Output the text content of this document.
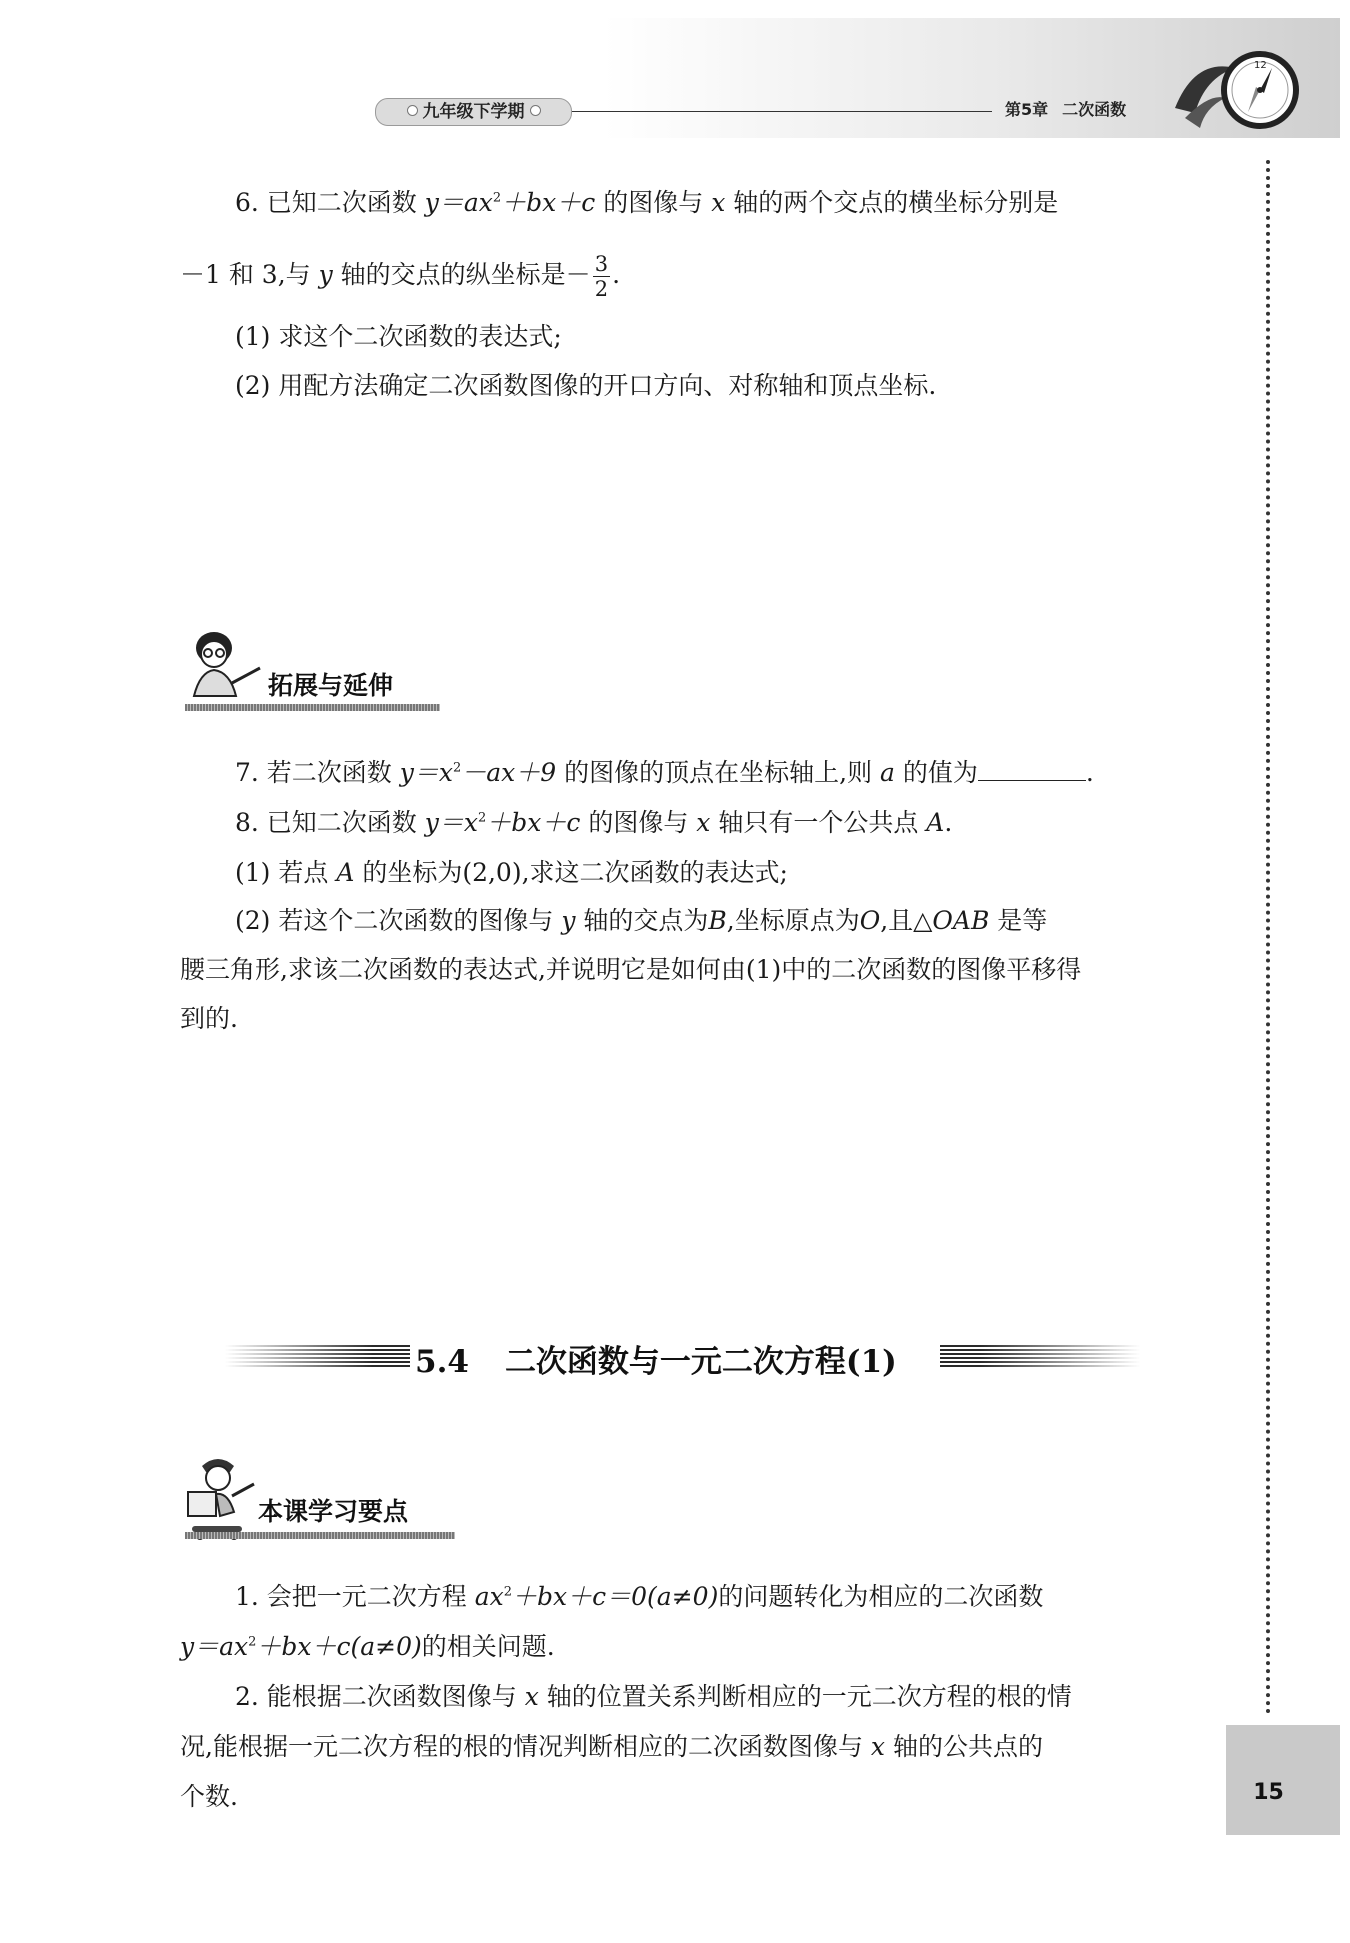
九年级下学期	第5章 二次函数
12
15
6. 已知二次函数 $y=ax^2+bx+c$ 的图像与 x 轴的两个交点的横坐标分别是
－1 和 3,与 y 轴的交点的纵坐标是－ $\frac{3}{2}$ .
(1) 求这个二次函数的表达式;
(2) 用配方法确定二次函数图像的开口方向、对称轴和顶点坐标.
拓展与延伸
7. 若二次函数 $y=x^2-ax+9$ 的图像的顶点在坐标轴上,则 a 的值为	.
8. 已知二次函数 $y=x^2+bx+c$ 的图像与 x 轴只有一个公共点 A.
(1) 若点 A 的坐标为(2,0),求这二次函数的表达式;
(2) 若这个二次函数的图像与 y 轴的交点为B,坐标原点为O,且△OAB 是等
腰三角形,求该二次函数的表达式,并说明它是如何由(1)中的二次函数的图像平移得
到的.
5.4 二次函数与一元二次方程(1)
本课学习要点
1. 会把一元二次方程 $ax^2+bx+c=0(a\ne 0)$的问题转化为相应的二次函数
$y=ax^2+bx+c(a\ne 0)$的相关问题.
2. 能根据二次函数图像与 x 轴的位置关系判断相应的一元二次方程的根的情
况,能根据一元二次方程的根的情况判断相应的二次函数图像与 x 轴的公共点的
个数.
